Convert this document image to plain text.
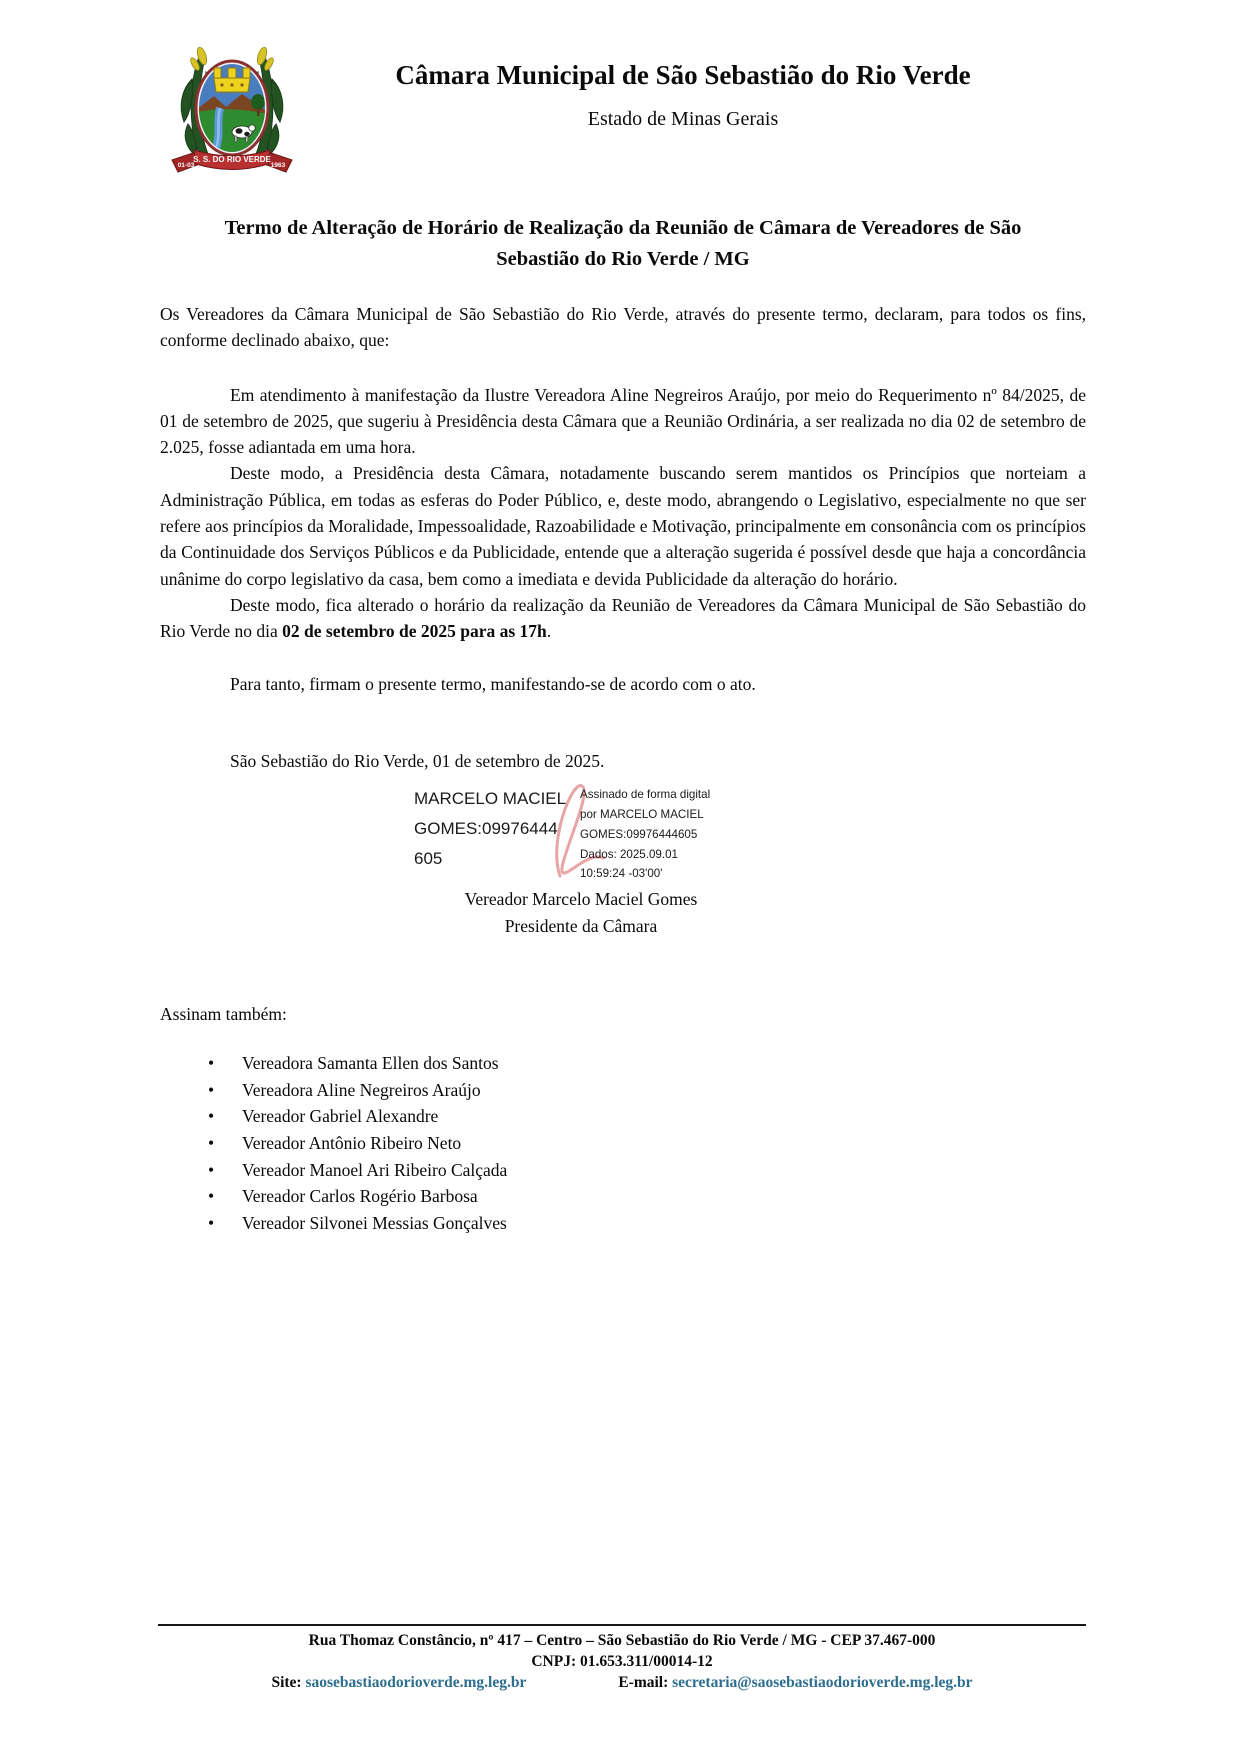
S. S. DO RIO VERDE
01-03	1963
Câmara Municipal de São Sebastião do Rio Verde
Estado de Minas Gerais
Termo de Alteração de Horário de Realização da Reunião de Câmara de Vereadores de São Sebastião do Rio Verde / MG

Os Vereadores da Câmara Municipal de São Sebastião do Rio Verde, através do presente termo, declaram, para todos os fins, conforme declinado abaixo, que:

Em atendimento à manifestação da Ilustre Vereadora Aline Negreiros Araújo, por meio do Requerimento nº 84/2025, de 01 de setembro de 2025, que sugeriu à Presidência desta Câmara que a Reunião Ordinária, a ser realizada no dia 02 de setembro de 2.025, fosse adiantada em uma hora.

Deste modo, a Presidência desta Câmara, notadamente buscando serem mantidos os Princípios que norteiam a Administração Pública, em todas as esferas do Poder Público, e, deste modo, abrangendo o Legislativo, especialmente no que ser refere aos princípios da Moralidade, Impessoalidade, Razoabilidade e Motivação, principalmente em consonância com os princípios da Continuidade dos Serviços Públicos e da Publicidade, entende que a alteração sugerida é possível desde que haja a concordância unânime do corpo legislativo da casa, bem como a imediata e devida Publicidade da alteração do horário.

Deste modo, fica alterado o horário da realização da Reunião de Vereadores da Câmara Municipal de São Sebastião do Rio Verde no dia 02 de setembro de 2025 para as 17h.

Para tanto, firmam o presente termo, manifestando-se de acordo com o ato.

São Sebastião do Rio Verde, 01 de setembro de 2025.

MARCELO MACIEL
GOMES:09976444
605
Assinado de forma digital
por MARCELO MACIEL
GOMES:09976444605
Dados: 2025.09.01
10:59:24 -03'00'
Vereador Marcelo Maciel Gomes
Presidente da Câmara
Assinam também:
• Vereadora Samanta Ellen dos Santos
• Vereadora Aline Negreiros Araújo
• Vereador Gabriel Alexandre
• Vereador Antônio Ribeiro Neto
• Vereador Manoel Ari Ribeiro Calçada
• Vereador Carlos Rogério Barbosa
• Vereador Silvonei Messias Gonçalves
Rua Thomaz Constâncio, nº 417 – Centro – São Sebastião do Rio Verde / MG - CEP 37.467-000
CNPJ: 01.653.311/00014-12
Site: saosebastiaodorioverde.mg.leg.br	E-mail: secretaria@saosebastiaodorioverde.mg.leg.br
